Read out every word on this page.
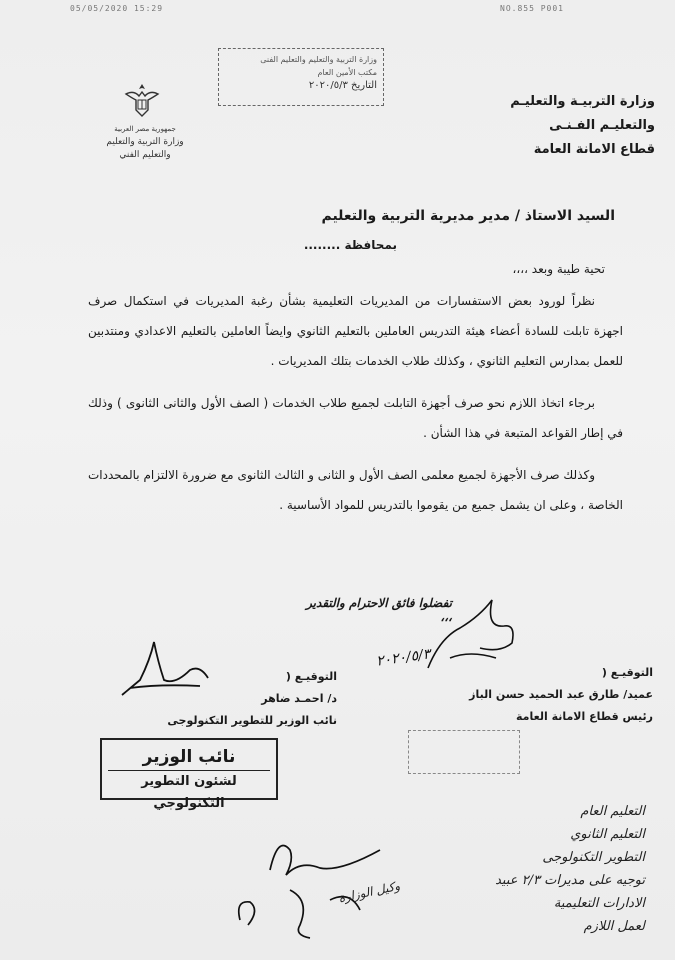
05/05/2020 15:29	NO.855 P001
وزارة التربية والتعليم والتعليم الفنى
مكتب الأمين العام
التاريخ ٢٠٢٠/٥/٣
جمهورية مصر العربية
وزارة التربية والتعليم
والتعليم الفني
وزارة التربيـة والتعليـم
والتعليـم الفـنـى
قطاع الامانة العامة
السيد الاستاذ / مدير مديرية التربية والتعليم
بمحافظة ........
تحية طيبة وبعد ،،،،

نظراً لورود بعض الاستفسارات من المديريات التعليمية بشأن رغبة المديريات في استكمال صرف اجهزة تابلت للسادة أعضاء هيئة التدريس العاملين بالتعليم الثانوي وايضاً العاملين بالتعليم الاعدادي ومنتدبين للعمل بمدارس التعليم الثانوي ، وكذلك طلاب الخدمات بتلك المديريات .

برجاء اتخاذ اللازم نحو صرف أجهزة التابلت لجميع طلاب الخدمات ( الصف الأول والثانى الثانوى ) وذلك في إطار القواعد المتبعة في هذا الشأن .

وكذلك صرف الأجهزة لجميع معلمى الصف الأول و الثانى و الثالث الثانوى مع ضرورة الالتزام بالمحددات الخاصة ، وعلى ان يشمل جميع من يقوموا بالتدريس للمواد الأساسية .

تفضلوا فائق الاحترام والتقدير ،،،
التوقيـع (
عميد/ طارق عبد الحميد حسن الباز
رئيس قطاع الامانة العامة
٢٠٢٠/٥/٣
التوقيـع (
د/ احمـد ضاهر
نائب الوزير للتطوير التكنولوجى
نائب الوزير
لشئون التطوير التكنولوجي
التعليم العام
التعليم الثانوي
التطوير التكنولوجى
توجيه على مديرات ٢/٣ عبيد
الادارات التعليمية
لعمل اللازم
وكيل الوزارة
